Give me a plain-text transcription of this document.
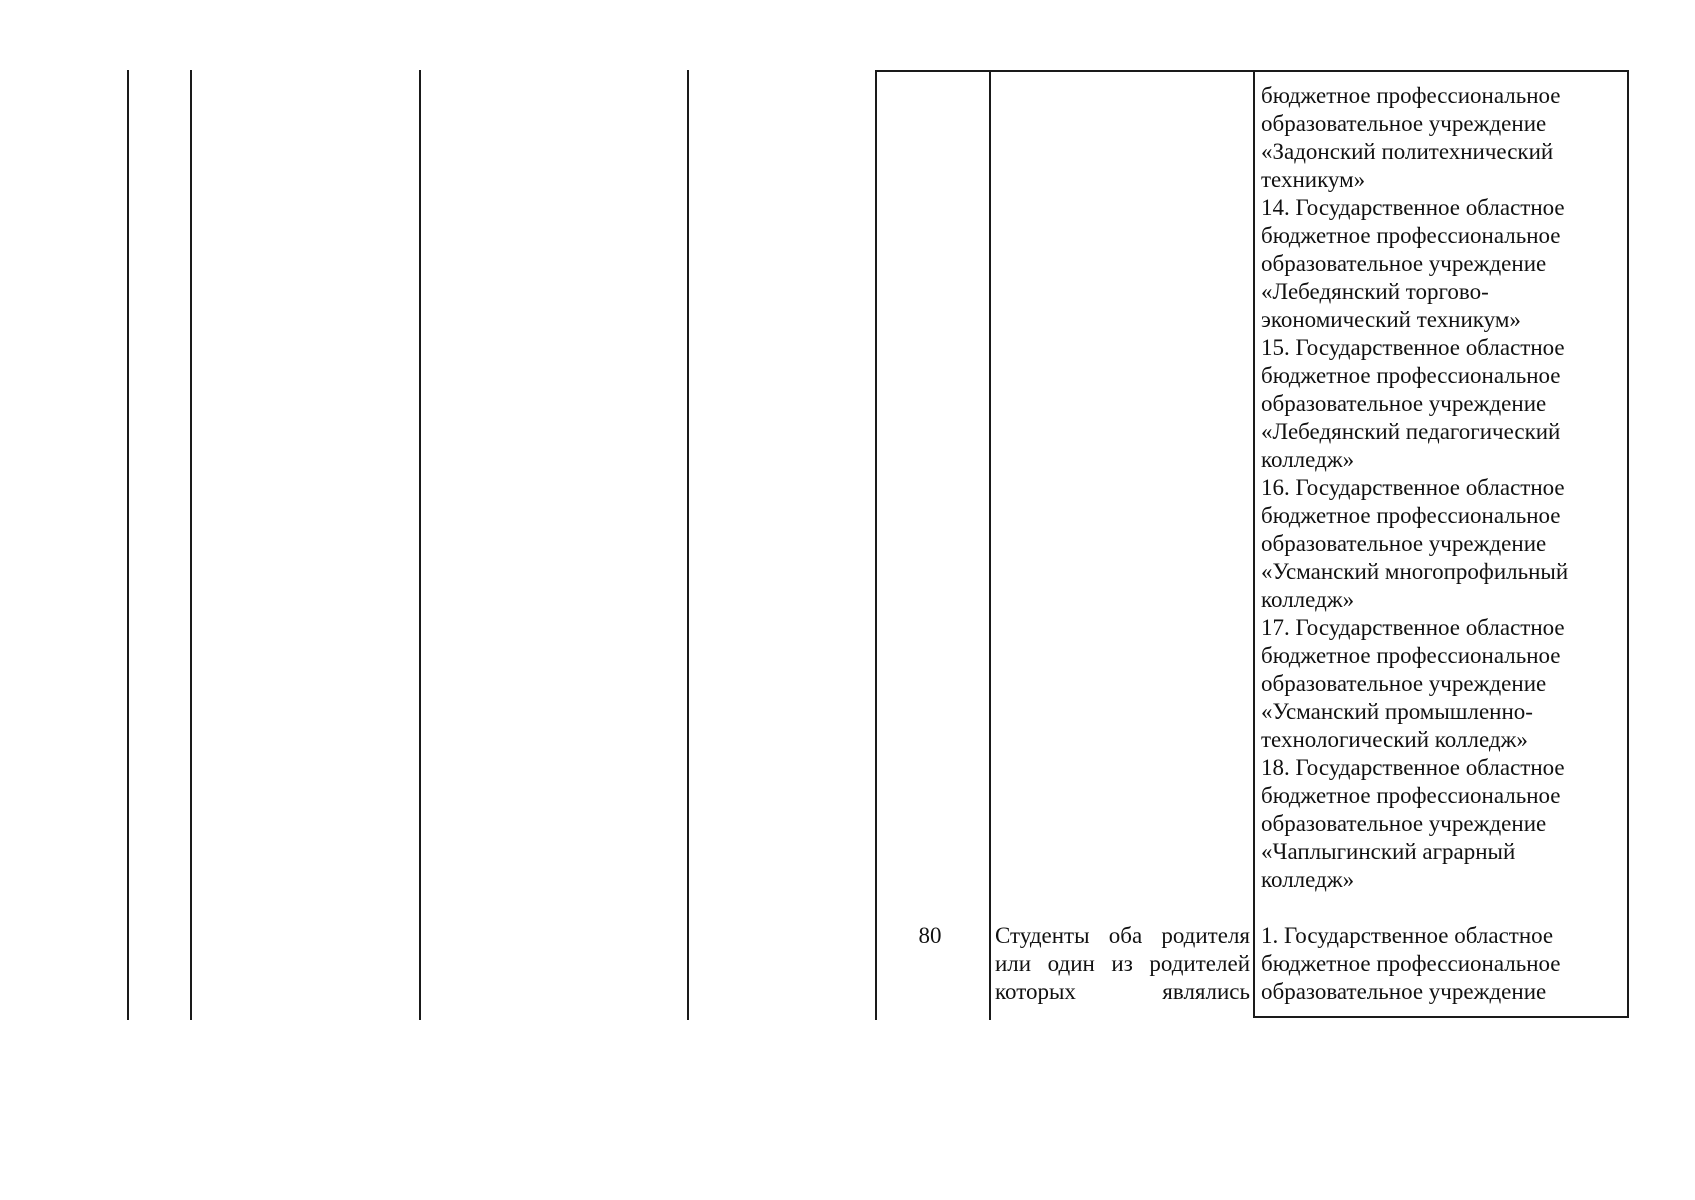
бюджетное профессиональное
образовательное учреждение
«Задонский политехнический
техникум»
14. Государственное областное
бюджетное профессиональное
образовательное учреждение
«Лебедянский торгово-
экономический техникум»
15. Государственное областное
бюджетное профессиональное
образовательное учреждение
«Лебедянский педагогический
колледж»
16. Государственное областное
бюджетное профессиональное
образовательное учреждение
«Усманский многопрофильный
колледж»
17. Государственное областное
бюджетное профессиональное
образовательное учреждение
«Усманский промышленно-
технологический колледж»
18. Государственное областное
бюджетное профессиональное
образовательное учреждение
«Чаплыгинский аграрный
колледж»
80	Студенты оба родителя
или один из родителей
которых являлись
1. Государственное областное
бюджетное профессиональное
образовательное учреждение
